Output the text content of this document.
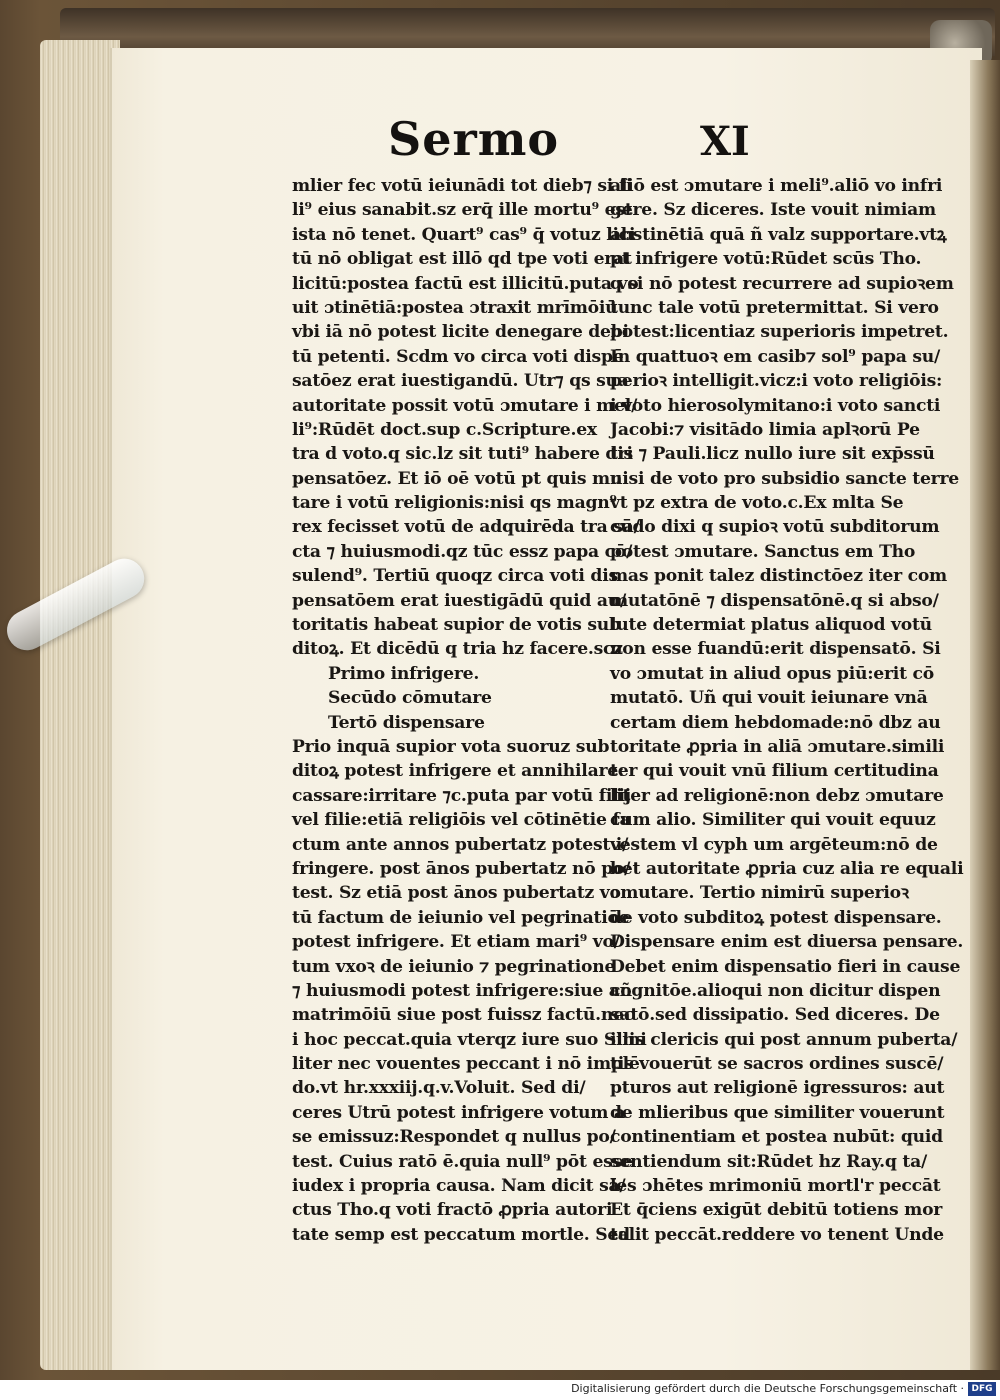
Sermo	XI
mlier fec votū ieiunādi tot dieb⁊ si fi
li⁹ eius sanabit.sz erq̄ ille mortu⁹ est
ista nō tenet. Quart⁹ cas⁹ q̄ votuz lici
tū nō obligat est illō qd tpe voti erat
licitū:postea factū est illicitū.puta vo
uit ɔtinētiā:postea ɔtraxit mrīmōiū
vbi iā nō potest licite denegare debi
tū petenti. Scdm vo circa voti dispē
satōez erat iuestigandū. Utr⁊ qs sua
autoritate possit votū ɔmutare i mel/
li⁹:Rūdēt doct.sup c.Scripture.ex
tra d voto.q sic.lz sit tuti⁹ habere dis
pensatōez. Et iō oē votū pt quis mu
tare i votū religionis:nisi qs magn⁹
rex fecisset votū de adquirēda tra sā/
cta ⁊ huiusmodi.qz tūc essz papa cō/
sulend⁹. Tertiū quoqz circa voti dis
pensatōem erat iuestigādū quid au/
toritatis habeat supior de votis sub
ditoꝝ. Et dicēdū q tria hz facere.scz
Primo infrigere.
Secūdo cōmutare
Tertō dispensare
Prio inquā supior vota suoruz sub
ditoꝝ potest infrigere et annihilare:
cassare:irritare ⁊c.puta par votū filij
vel filie:etiā religiōis vel cōtinētie fa
ctum ante annos pubertatz potest i/
fringere. post ānos pubertatz nō po/
test. Sz etiā post ānos pubertatz vo
tū factum de ieiunio vel pegrinatiōe
potest infrigere. Et etiam mari⁹ vo/
tum vxoꝛ de ieiunio ⁊ pegrinatione
⁊ huiusmodi potest infrigere:siue añ
matrimōiū siue post fuissz factū.nec
i hoc peccat.quia vterqz iure suo Simi
liter nec vouentes peccant i nō implē
do.vt hr.xxxiij.q.v.Voluit. Sed di/
ceres Utrū potest infrigere votum a
se emissuz:Respondet q nullus po/
test. Cuius ratō ē.quia null⁹ pōt esse
iudex i propria causa. Nam dicit sā/
ctus Tho.q voti fractō ꝓpria autori
tate semp est peccatum mortle. Sed
aliō est ɔmutare i meli⁹.aliō vo infri
gere. Sz diceres. Iste vouit nimiam
abstinētiā quā ñ valz supportare.vtꝝ
pt infrigere votū:Rūdet scūs Tho.
q si nō potest recurrere ad supioꝛem
tunc tale votū pretermittat. Si vero
potest:licentiaz superioris impetret.
In quattuoꝛ em casib⁊ sol⁹ papa su/
perioꝛ intelligit.vicz:i voto religiōis:
i voto hierosolymitano:i voto sancti
Jacobi:⁊ visitādo limia aplꝛorū Pe
tri ⁊ Pauli.licz nullo iure sit exp̄ssū
nisi de voto pro subsidio sancte terre
vt pz extra de voto.c.Ex mlta Se
cūdo dixi q supioꝛ votū subditorum
potest ɔmutare. Sanctus em Tho
mas ponit talez distinctōez iter com
mutatōnē ⁊ dispensatōnē.q si abso/
lute determiat platus aliquod votū
non esse fuandū:erit dispensatō. Si
vo ɔmutat in aliud opus piū:erit cō
mutatō. Uñ qui vouit ieiunare vnā
certam diem hebdomade:nō dbz au
toritate ꝓpria in aliā ɔmutare.simili
ter qui vouit vnū filium certitudina
liter ad religionē:non debz ɔmutare
cum alio. Similiter qui vouit equuz
vestem vl cyph um argēteum:nō de
bet autoritate ꝓpria cuz alia re equali
ɔmutare. Tertio nimirū superioꝛ
de voto subditoꝝ potest dispensare.
Dispensare enim est diuersa pensare.
Debet enim dispensatio fieri in cause
cognitōe.alioqui non dicitur dispen
satō.sed dissipatio. Sed diceres. De
illis clericis qui post annum puberta/
tis vouerūt se sacros ordines suscē/
pturos aut religionē igressuros: aut
de mlieribus que similiter vouerunt
continentiam et postea nubūt: quid
sentiendum sit:Rūdet hz Ray.q ta/
les ɔhētes mrimoniū mortl'r peccāt
Et q̄ciens exigūt debitū totiens mor
talit peccāt.reddere vo tenent Unde
Digitalisierung gefördert durch die Deutsche Forschungsgemeinschaft · DFG
